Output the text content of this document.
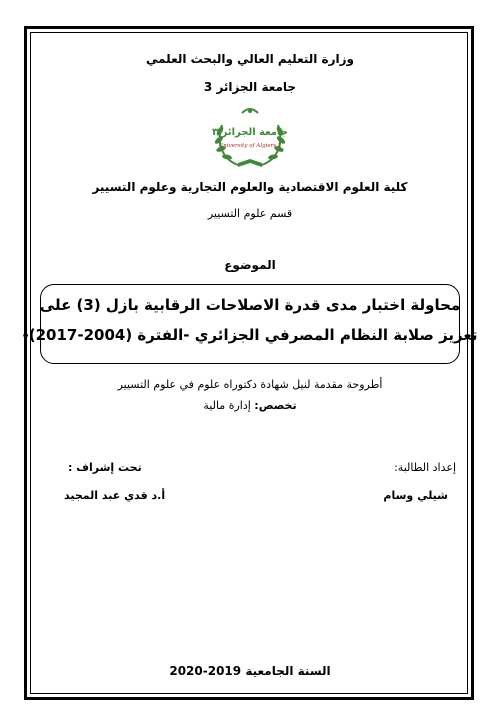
وزارة التعليم العالي والبحث العلمي
جامعة الجزائر 3
جامعة الجزائر ٣
University of Algiers 3
كلية العلوم الاقتصادية والعلوم التجارية وعلوم التسيير
قسم علوم التسيير
الموضوع
محاولة اختبار مدى قدرة الاصلاحات الرقابية بازل (3) على
تعزيز صلابة النظام المصرفي الجزائري -الفترة (2004-2017)-
أطروحة مقدمة لنيل شهادة دكتوراه علوم في علوم التسيير
تخصص: إدارة مالية
إعداد الطالبة:
شيلي وسام
تحت إشراف :
أ.د قدي عبد المجيد
السنة الجامعية 2019-2020
